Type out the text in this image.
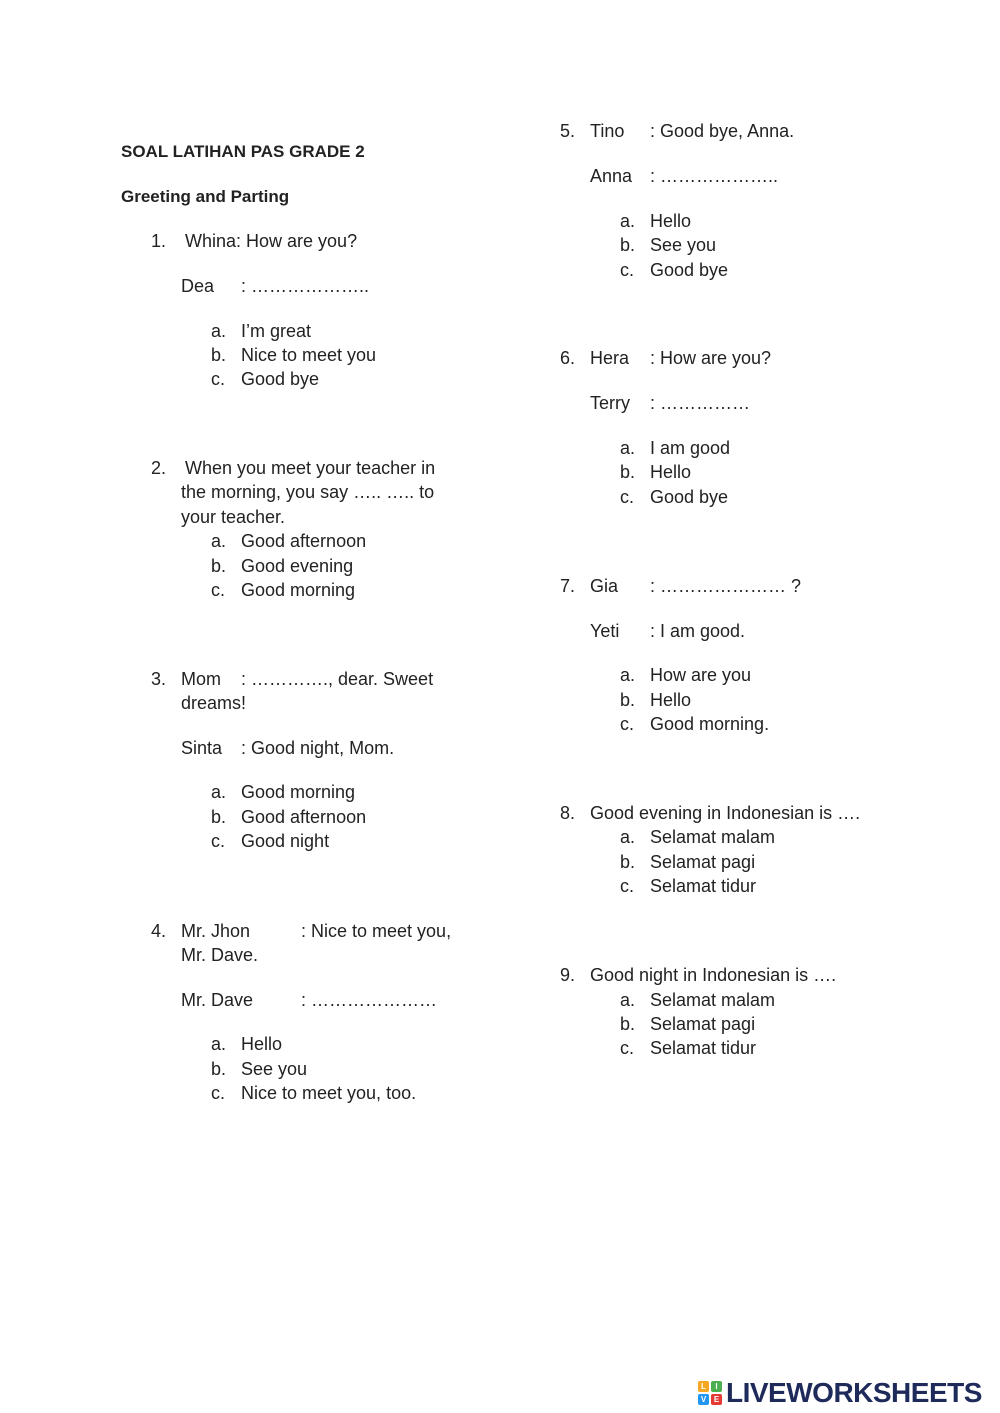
SOAL LATIHAN PAS GRADE 2
Greeting and Parting
1. Whina: How are you?
Dea : ………………..
a. I’m great
b. Nice to meet you
c. Good bye
2. When you meet your teacher in
the morning, you say ….. ….. to
your teacher.
a. Good afternoon
b. Good evening
c. Good morning
3. Mom : …………., dear. Sweet
dreams!
Sinta : Good night, Mom.
a. Good morning
b. Good afternoon
c. Good night
4. Mr. Jhon	: Nice to meet you,
Mr. Dave.
Mr. Dave	: …………………
a. Hello
b. See you
c. Nice to meet you, too.
5. Tino : Good bye, Anna.
Anna : ………………..
a. Hello
b. See you
c. Good bye
6. Hera : How are you?
Terry : ……………
a. I am good
b. Hello
c. Good bye
7. Gia : ………………… ?
Yeti : I am good.
a. How are you
b. Hello
c. Good morning.
8. Good evening in Indonesian is ….
a. Selamat malam
b. Selamat pagi
c. Selamat tidur
9. Good night in Indonesian is ….
a. Selamat malam
b. Selamat pagi
c. Selamat tidur
L	I
V E LIVEWORKSHEETS
